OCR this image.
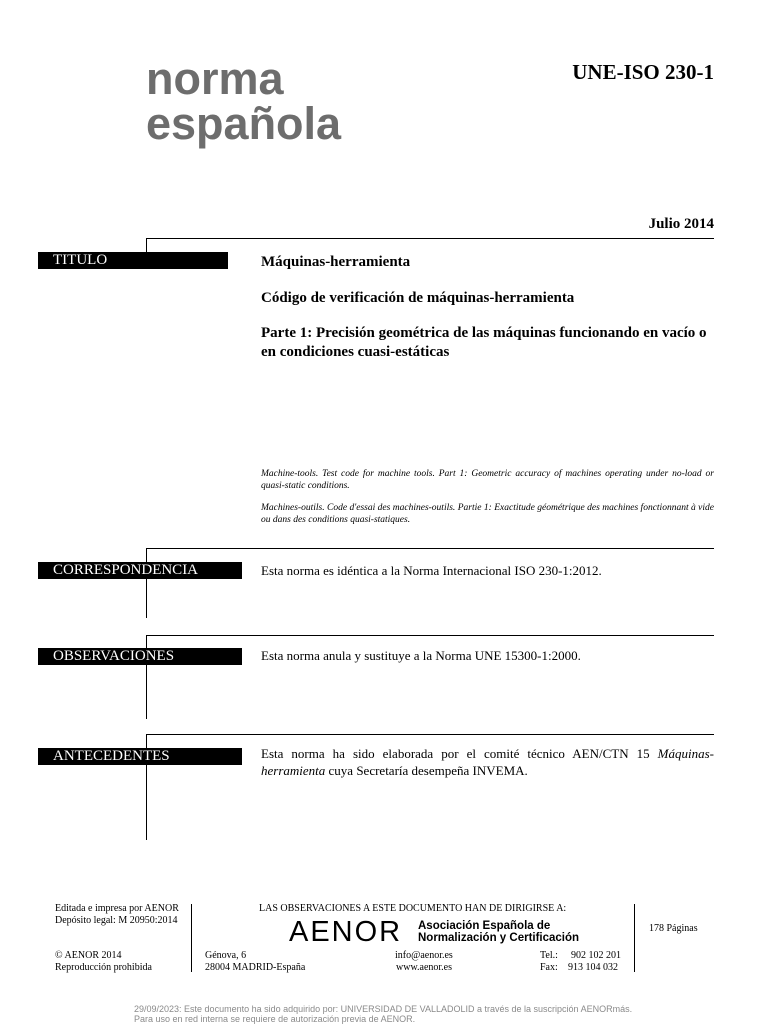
norma
española
UNE-ISO 230-1
Julio 2014
TITULO	Máquinas-herramienta
Código de verificación de máquinas-herramienta
Parte 1: Precisión geométrica de las máquinas funcionando en vacío o en condiciones cuasi-estáticas
Machine-tools. Test code for machine tools. Part 1: Geometric accuracy of machines operating under no-load or quasi-static conditions.
Machines-outils. Code d'essai des machines-outils. Partie 1: Exactitude géométrique des machines fonctionnant à vide ou dans des conditions quasi-statiques.
CORRESPONDENCIA	Esta norma es idéntica a la Norma Internacional ISO 230-1:2012.
OBSERVACIONES	Esta norma anula y sustituye a la Norma UNE 15300-1:2000.
ANTECEDENTES	Esta norma ha sido elaborada por el comité técnico AEN/CTN 15 Máquinas-herramienta cuya Secretaría desempeña INVEMA.
Editada e impresa por AENOR
Depósito legal: M 20950:2014
© AENOR 2014
Reproducción prohibida
LAS OBSERVACIONES A ESTE DOCUMENTO HAN DE DIRIGIRSE A:
AENOR Asociación Española de
Normalización y Certificación
Génova, 6
28004 MADRID-España
info@aenor.es
www.aenor.es
Tel.: 902 102 201
Fax: 913 104 032
178 Páginas
29/09/2023: Este documento ha sido adquirido por: UNIVERSIDAD DE VALLADOLID a través de la suscripción AENORmás.
Para uso en red interna se requiere de autorización previa de AENOR.
